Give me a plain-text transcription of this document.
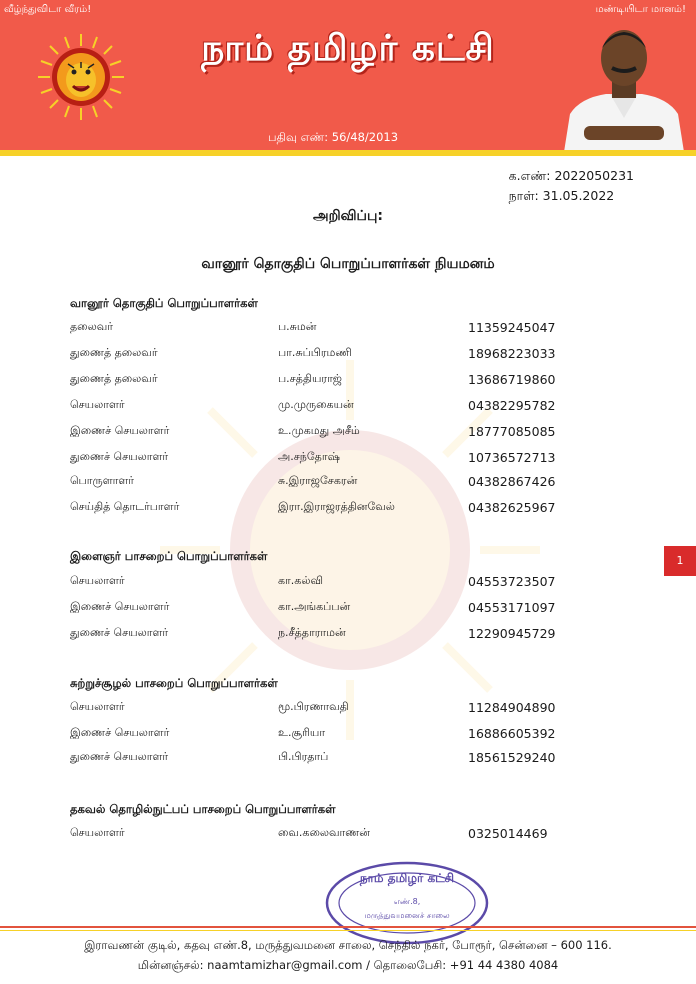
வீழ்ந்துவிடா வீரம்!	மண்டியிடா மானம்!
நாம் தமிழர் கட்சி
பதிவு எண்: 56/48/2013
க.எண்: 2022050231
நாள்: 31.05.2022
அறிவிப்பு:
வானூர் தொகுதிப் பொறுப்பாளர்கள் நியமனம்
வானூர் தொகுதிப் பொறுப்பாளர்கள்
தலைவர்	ப.சுமன்	11359245047
துணைத் தலைவர்	பா.சுப்பிரமணி	18968223033
துணைத் தலைவர்	ப.சத்தியராஜ்	13686719860
செயலாளர்	மு.முருகையன்	04382295782
இணைச் செயலாளர்	உ.முகமது அசீம்	18777085085
துணைச் செயலாளர்	அ.சந்தோஷ்	10736572713
பொருளாளர்	சு.இராஜசேகரன்	04382867426
செய்தித் தொடர்பாளர்	இரா.இராஜரத்தினவேல்	04382625967
இளைஞர் பாசறைப் பொறுப்பாளர்கள்
செயலாளர்	கா.கல்வி	04553723507
இணைச் செயலாளர்	கா.அங்கப்பன்	04553171097
துணைச் செயலாளர்	ந.சீத்தாராமன்	12290945729
1
சுற்றுச்சூழல் பாசறைப் பொறுப்பாளர்கள்
செயலாளர்	மூ.பிரணாவதி	11284904890
இணைச் செயலாளர்	உ.சூரியா	16886605392
துணைச் செயலாளர்	பி.பிரதாப்	18561529240
தகவல் தொழில்நுட்பப் பாசறைப் பொறுப்பாளர்கள்
செயலாளர்	வை.கலைவாணன்	0325014469
நாம் தமிழர் கட்சி
எண்.8,
மருத்துவமனைச் சாலை
இராவணன் குடில், கதவு எண்.8, மருத்துவமனை சாலை, செந்தில் நகர், போரூர், சென்னை – 600 116.
மின்னஞ்சல்: naamtamizhar@gmail.com / தொலைபேசி: +91 44 4380 4084
